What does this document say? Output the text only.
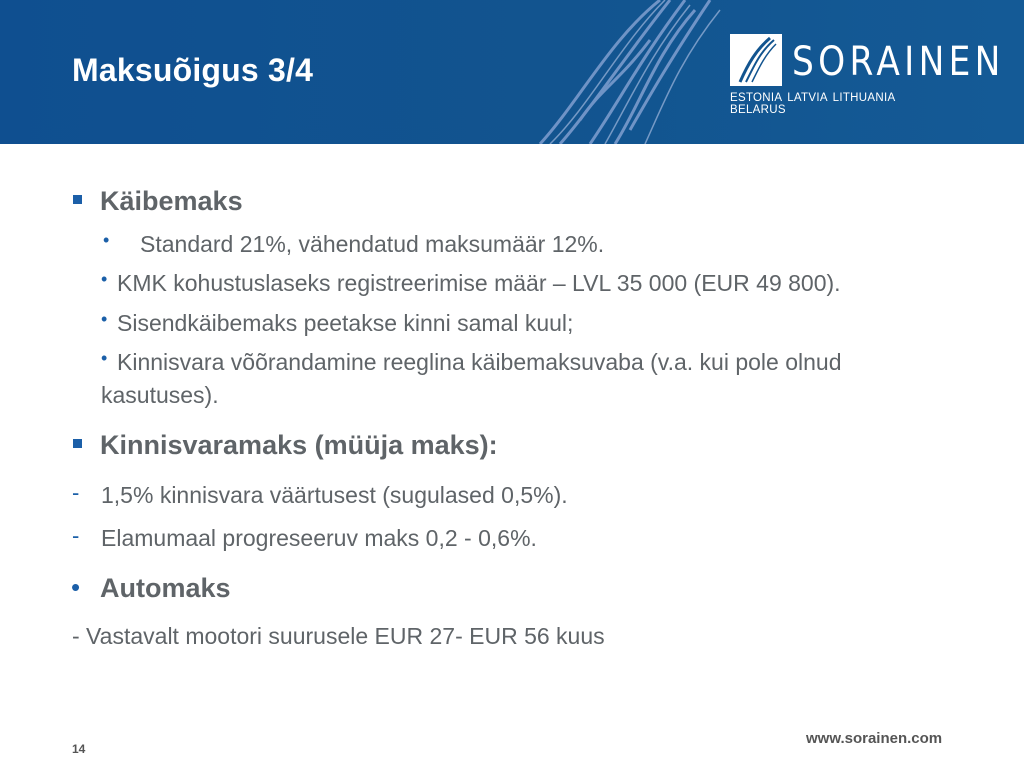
Maksuõigus 3/4	SORAINEN
ESTONIA LATVIA LITHUANIA BELARUS
Käibemaks
• Standard 21%, vähendatud maksumäär 12%.
• KMK kohustuslaseks registreerimise määr – LVL 35 000 (EUR 49 800).
• Sisendkäibemaks peetakse kinni samal kuul;
• Kinnisvara võõrandamine reeglina käibemaksuvaba (v.a. kui pole olnud
kasutuses).
Kinnisvaramaks (müüja maks):
- 1,5% kinnisvara väärtusest (sugulased 0,5%).
- Elamumaal progreseeruv maks 0,2 - 0,6%.
• Automaks
- Vastavalt mootori suurusele EUR 27- EUR 56 kuus
14
www.sorainen.com
